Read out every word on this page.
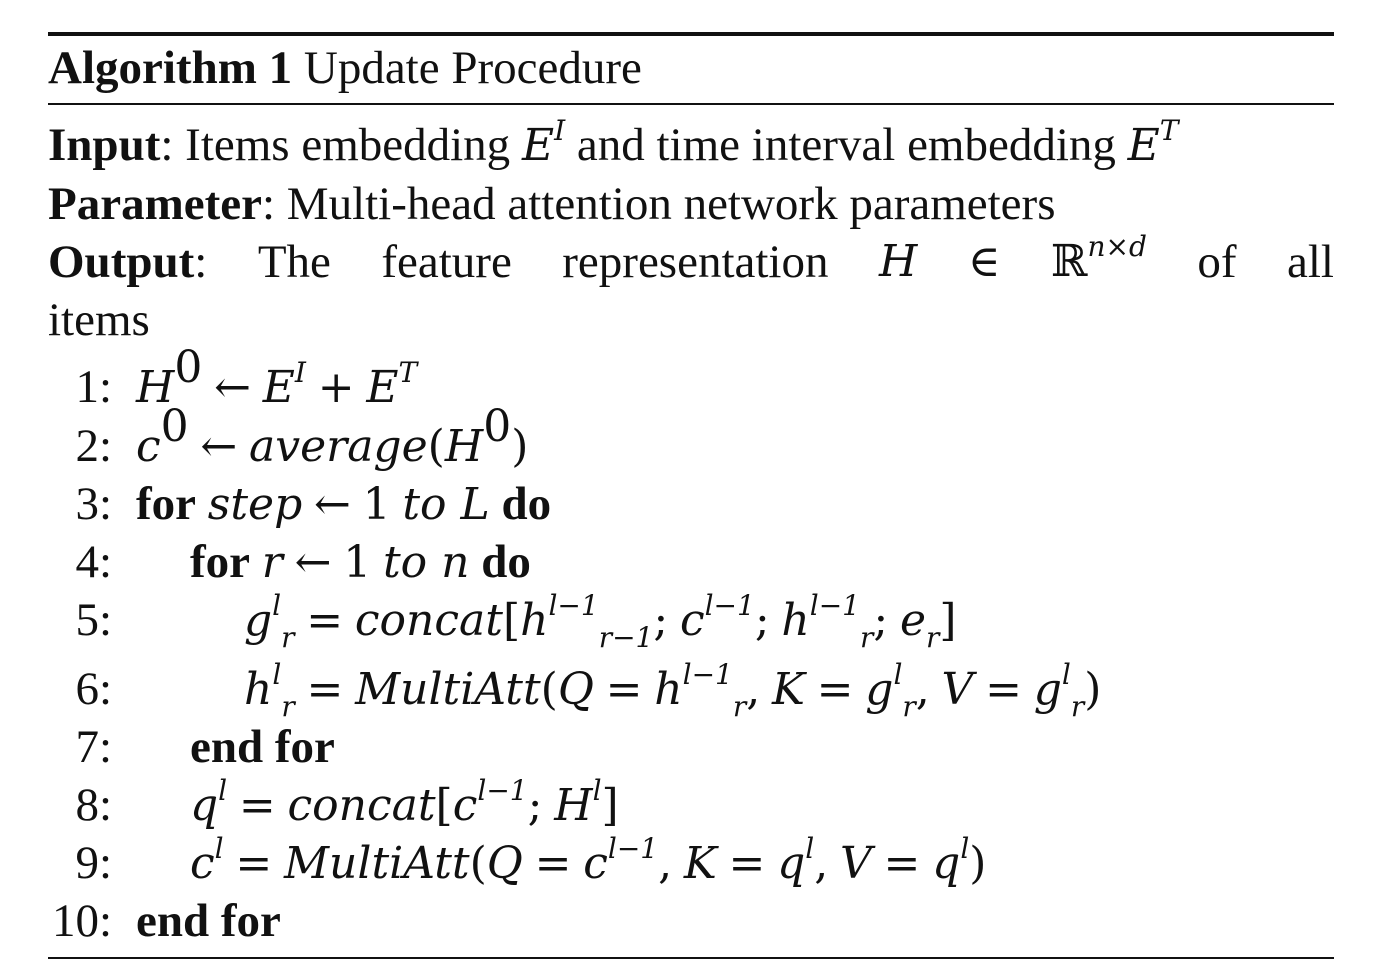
Algorithm 1 Update Procedure
Input: Items embedding $E^I$ and time interval embedding $E^T$
Parameter: Multi-head attention network parameters
Output: The feature representation H ∈ ℝ$^{n\times d}$ of all
items
1: $H^0$ ← $E^I + E^T$
2: $c^0$ ← $average(H^0)$
3: for step ← 1 to L do
4: for r ← 1 to n do
5:	$g^l_r$ = $concat[h^{l-1}_{r-1}$; $c^{l-1}$; $h^{l-1}_r$; $e_r$]
6:	$h^l_r$ = MultiAtt(Q = $h^{l-1}_r$, $K = g^l_r$, $V = g^l_r$)
7: end for
8: $q^l$ = $concat[c^{l-1}$; $H^l$]
9: $c^l$ = MultiAtt(Q = $c^{l-1}$, $K = q^l$, $V = q^l$)
10: end for
